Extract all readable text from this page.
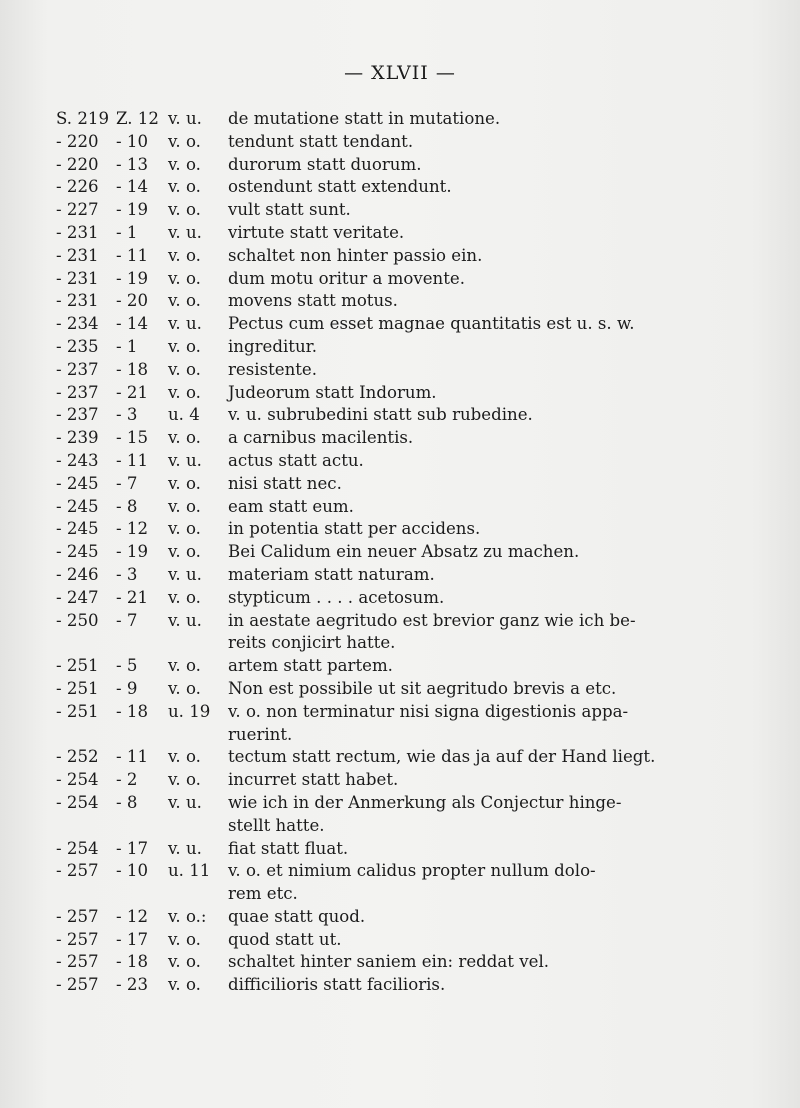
— XLVII —
S. 219 Z. 12 v. u.	de mutatione statt in mutatione.
- 220	- 10	v. o.	tendunt statt tendant.
- 220	- 13	v. o.	durorum statt duorum.
- 226	- 14	v. o.	ostendunt statt extendunt.
- 227	- 19	v. o.	vult statt sunt.
- 231	- 1	v. u.	virtute statt veritate.
- 231	- 11	v. o.	schaltet non hinter passio ein.
- 231	- 19	v. o.	dum motu oritur a movente.
- 231	- 20	v. o.	movens statt motus.
- 234	- 14	v. u.	Pectus cum esset magnae quantitatis est u. s. w.
- 235	- 1	v. o.	ingreditur.
- 237	- 18	v. o.	resistente.
- 237	- 21	v. o.	Judeorum statt Indorum.
- 237	- 3	u. 4	v. u. subrubedini statt sub rubedine.
- 239	- 15	v. o.	a carnibus macilentis.
- 243	- 11	v. u.	actus statt actu.
- 245	- 7	v. o.	nisi statt nec.
- 245	- 8	v. o.	eam statt eum.
- 245	- 12	v. o.	in potentia statt per accidens.
- 245	- 19	v. o.	Bei Calidum ein neuer Absatz zu machen.
- 246	- 3	v. u.	materiam statt naturam.
- 247	- 21	v. o.	stypticum . . . . acetosum.
- 250	- 7	v. u.	in aestate aegritudo est brevior ganz wie ich be-
reits conjicirt hatte.
- 251	- 5	v. o.	artem statt partem.
- 251	- 9	v. o.	Non est possibile ut sit aegritudo brevis a etc.
- 251	- 18	u. 19	v. o. non terminatur nisi signa digestionis appa-
ruerint.
- 252	- 11	v. o.	tectum statt rectum, wie das ja auf der Hand liegt.
- 254	- 2	v. o.	incurret statt habet.
- 254	- 8	v. u.	wie ich in der Anmerkung als Conjectur hinge-
stellt hatte.
- 254	- 17	v. u.	fiat statt fluat.
- 257	- 10	u. 11	v. o. et nimium calidus propter nullum dolo-
rem etc.
- 257	- 12	v. o.:	quae statt quod.
- 257	- 17	v. o.	quod statt ut.
- 257	- 18	v. o.	schaltet hinter saniem ein: reddat vel.
- 257	- 23	v. o.	difficilioris statt facilioris.
